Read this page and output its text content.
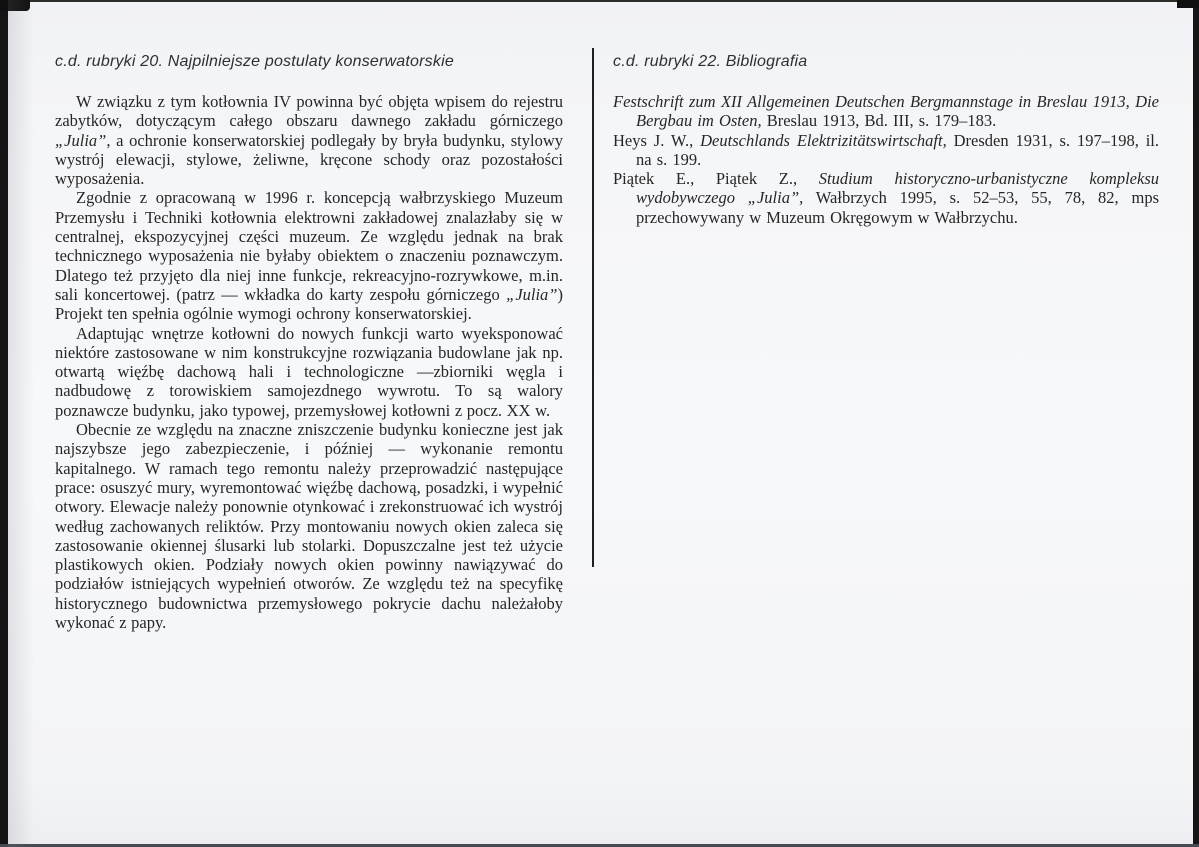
c.d. rubryki 20. Najpilniejsze postulaty konserwatorskie

W związku z tym kotłownia IV powinna być objęta wpisem do rejestru zabytków, dotyczącym całego obszaru dawnego zakładu górniczego „Julia”, a ochronie konserwatorskiej podlegały by bryła budynku, stylowy wystrój elewacji, stylowe, żeliwne, kręcone schody oraz pozostałości wyposażenia.

Zgodnie z opracowaną w 1996 r. koncepcją wałbrzyskiego Muzeum Przemysłu i Techniki kotłownia elektrowni zakładowej znalazłaby się w centralnej, ekspozycyjnej części muzeum. Ze względu jednak na brak technicznego wyposażenia nie byłaby obiektem o znaczeniu poznawczym. Dlatego też przyjęto dla niej inne funkcje, rekreacyjno-rozrywkowe, m.in. sali koncertowej. (patrz — wkładka do karty zespołu górniczego „Julia”) Projekt ten spełnia ogólnie wymogi ochrony konserwatorskiej.

Adaptując wnętrze kotłowni do nowych funkcji warto wyeksponować niektóre zastosowane w nim konstrukcyjne rozwiązania budowlane jak np. otwartą więźbę dachową hali i technologiczne —zbiorniki węgla i nadbudowę z torowiskiem samojezdnego wywrotu. To są walory poznawcze budynku, jako typowej, przemysłowej kotłowni z pocz. XX w.

Obecnie ze względu na znaczne zniszczenie budynku konieczne jest jak najszybsze jego zabezpieczenie, i później — wykonanie remontu kapitalnego. W ramach tego remontu należy przeprowadzić następujące prace: osuszyć mury, wyremontować więźbę dachową, posadzki, i wypełnić otwory. Elewacje należy ponownie otynkować i zrekonstruować ich wystrój według zachowanych reliktów. Przy montowaniu nowych okien zaleca się zastosowanie okiennej ślusarki lub stolarki. Dopuszczalne jest też użycie plastikowych okien. Podziały nowych okien powinny nawiązywać do podziałów istniejących wypełnień otworów. Ze względu też na specyfikę historycznego budownictwa przemysłowego pokrycie dachu należałoby wykonać z papy.

c.d. rubryki 22. Bibliografia

Festschrift zum XII Allgemeinen Deutschen Bergmannstage in Breslau 1913, Die Bergbau im Osten, Breslau 1913, Bd. III, s. 179–183.

Heys J. W., Deutschlands Elektrizitätswirtschaft, Dresden 1931, s. 197–198, il. na s. 199.

Piątek E., Piątek Z., Studium historyczno-urbanistyczne kompleksu wydobywczego „Julia”, Wałbrzych 1995, s. 52–53, 55, 78, 82, mps przechowywany w Muzeum Okręgowym w Wałbrzychu.
